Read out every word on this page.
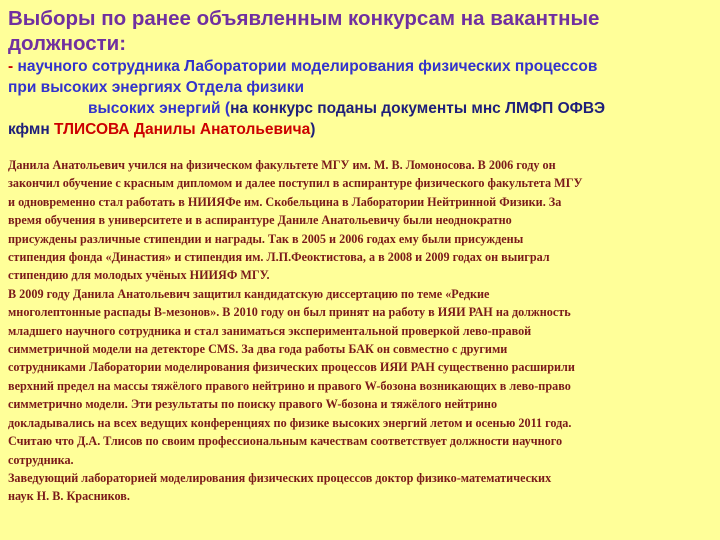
Выборы по ранее объявленным конкурсам на вакантные должности:

- научного сотрудника Лаборатории моделирования физических процессов
при высоких энергиях Отдела физики
высоких энергий (на конкурс поданы документы мнс ЛМФП ОФВЭ
кфмн ТЛИСОВА Данилы Анатольевича)

Данила Анатольевич учился на физическом факультете МГУ им. М. В. Ломоносова. В 2006 году он
закончил обучение с красным дипломом и далее поступил в аспирантуре физического факультета МГУ
и одновременно стал работать в НИИЯФе им. Скобельцина в Лаборатории Нейтринной Физики. За
время обучения в университете и в аспирантуре Даниле Анатольевичу были неоднократно
присуждены различные стипендии и награды. Так в 2005 и 2006 годах ему были присуждены
стипендия фонда «Династия» и стипендия им. Л.П.Феоктистова, а в 2008 и 2009 годах он выиграл
стипендию для молодых учёных НИИЯФ МГУ.
В 2009 году Данила Анатольевич защитил кандидатскую диссертацию по теме «Редкие
многолептонные распады В-мезонов». В 2010 году он был принят на работу в ИЯИ РАН на должность
младшего научного сотрудника и стал заниматься экспериментальной проверкой лево-правой
симметричной модели на детекторе CMS. За два года работы БАК он совместно с другими
сотрудниками Лаборатории моделирования физических процессов ИЯИ РАН существенно расширили
верхний предел на массы тяжёлого правого нейтрино и правого W-бозона возникающих в лево-право
симметрично модели. Эти результаты по поиску правого W-бозона и тяжёлого нейтрино
докладывались на всех ведущих конференциях по физике высоких энергий летом и осенью 2011 года.
Считаю что Д.А. Тлисов по своим профессиональным качествам соответствует должности научного
сотрудника.
Заведующий лабораторией моделирования физических процессов доктор физико-математических
наук Н. В. Красников.
